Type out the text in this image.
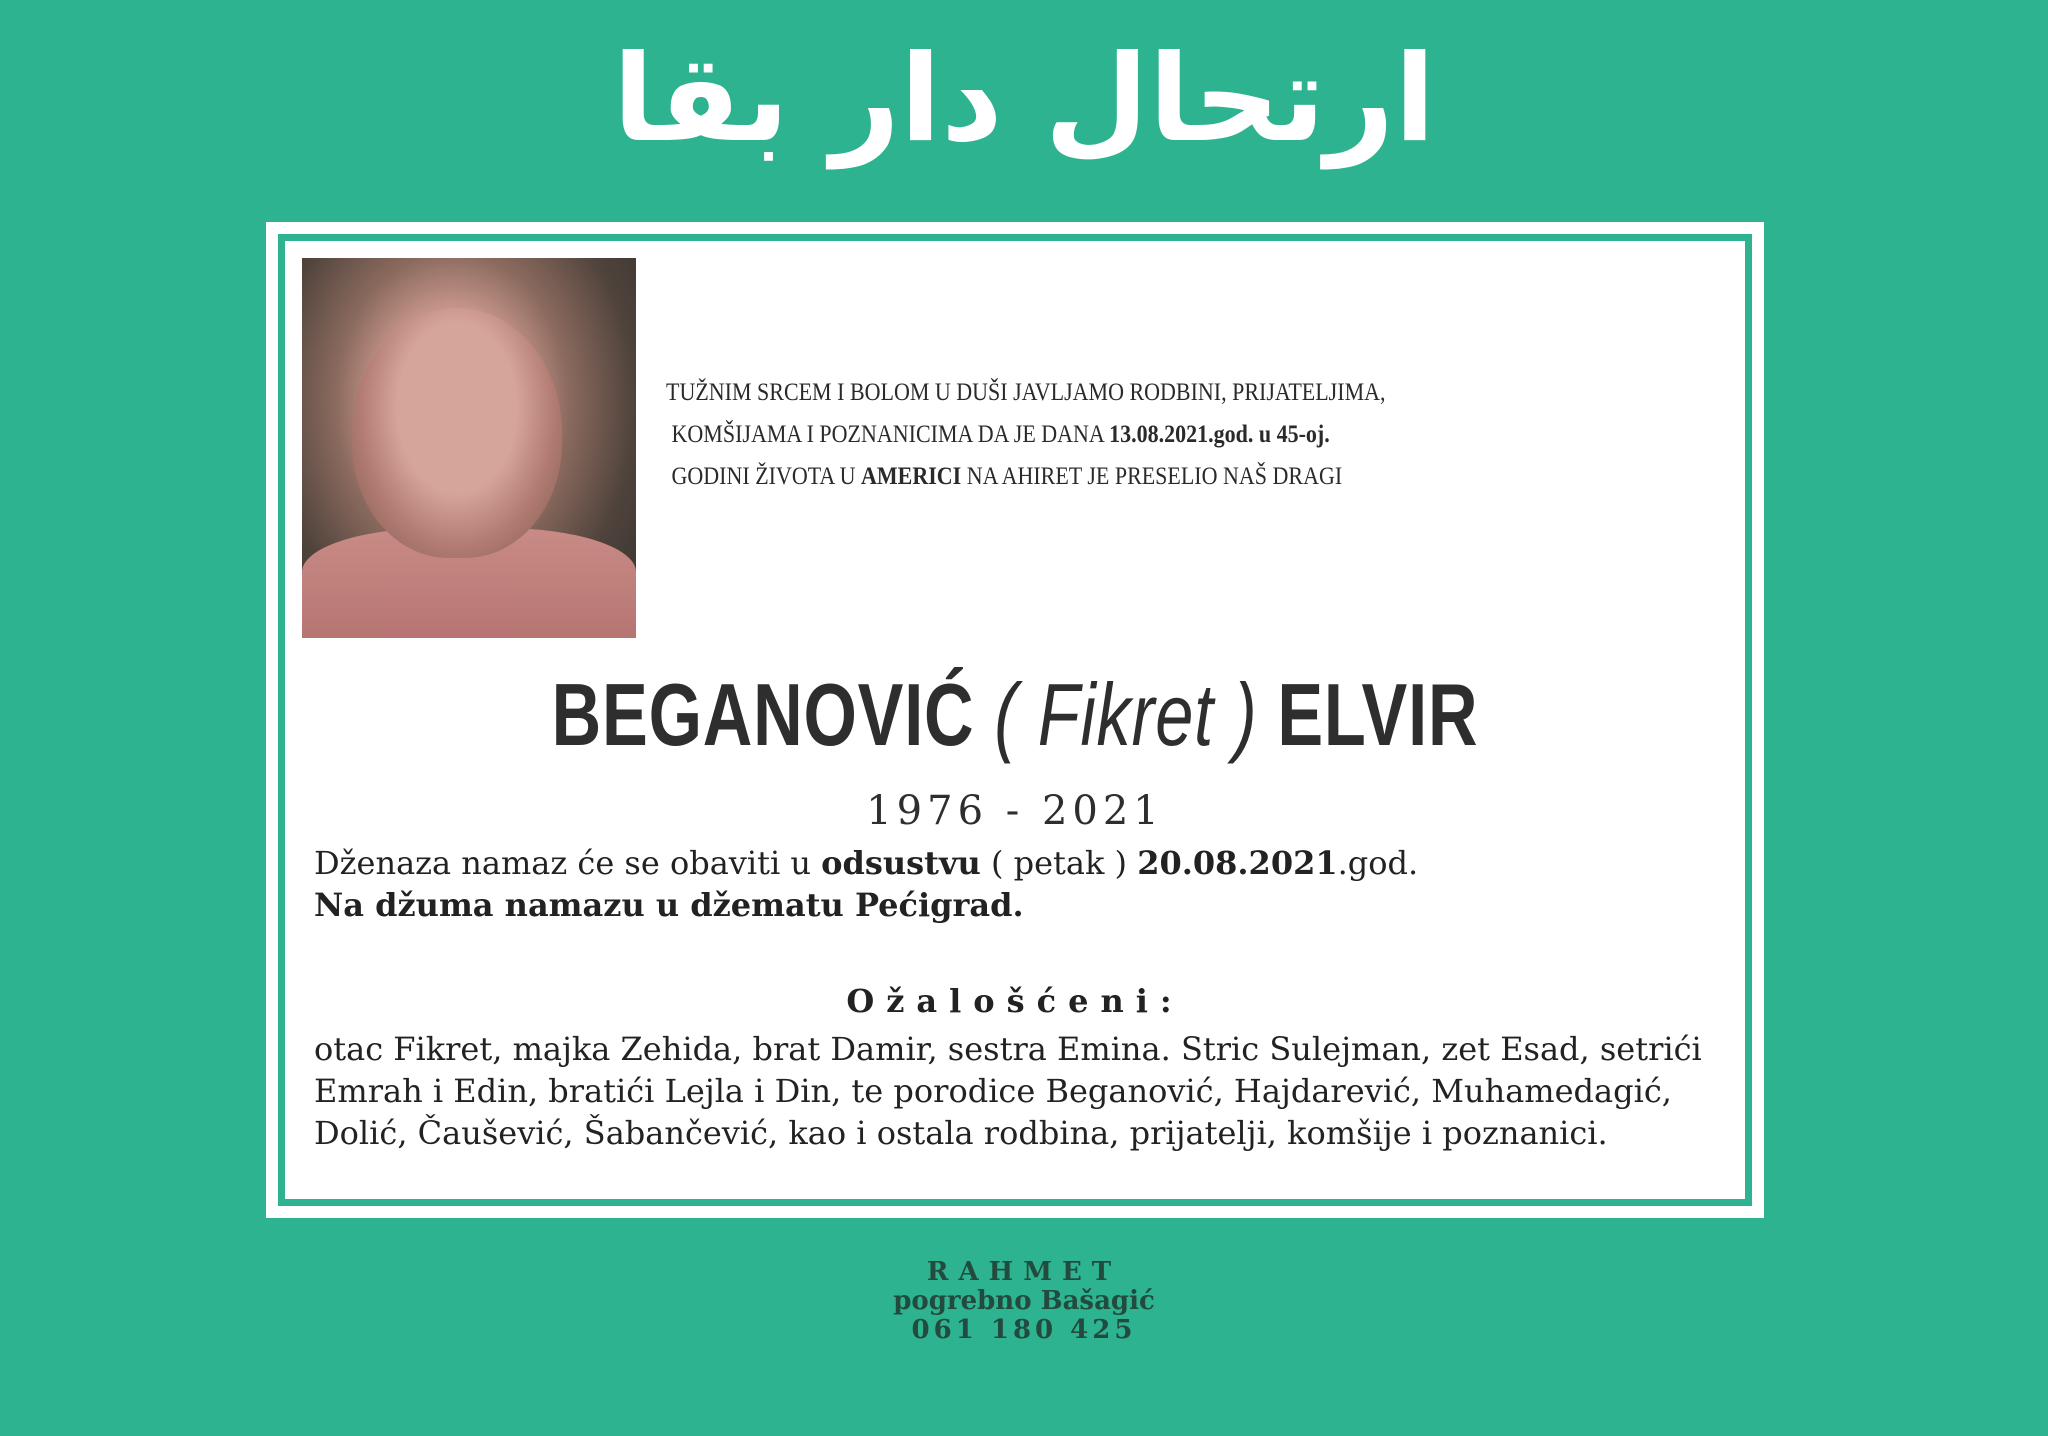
ارتحال دار بقا

TUŽNIM SRCEM I BOLOM U DUŠI JAVLJAMO RODBINI, PRIJATELJIMA,

KOMŠIJAMA I POZNANICIMA DA JE DANA 13.08.2021.god. u 45-oj.

GODINI ŽIVOTA U AMERICI NA AHIRET JE PRESELIO NAŠ DRAGI

BEGANOVIĆ ( Fikret ) ELVIR
1976 - 2021

Dženaza namaz će se obaviti u odsustvu ( petak ) 20.08.2021.god.

Na džuma namazu u džematu Pećigrad.

Ožalošćeni:
otac Fikret, majka Zehida, brat Damir, sestra Emina. Stric Sulejman, zet Esad, setrići Emrah i Edin, bratići Lejla i Din, te porodice Beganović, Hajdarević, Muhamedagić, Dolić, Čaušević, Šabančević, kao i ostala rodbina, prijatelji, komšije i poznanici.
RAHMET
pogrebno Bašagić
061 180 425
